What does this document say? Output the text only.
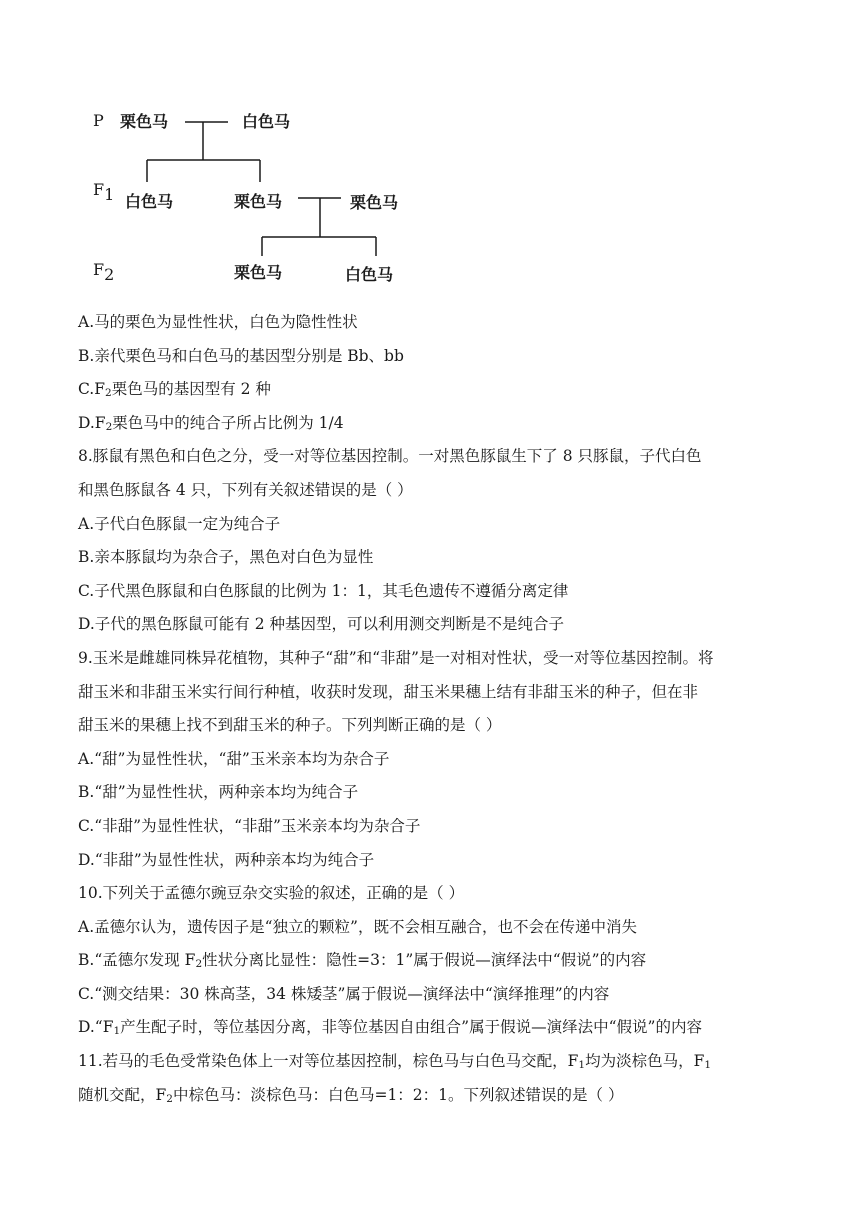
P
F1
F2
栗色马	白色马
白色马	栗色马	栗色马
栗色马	白色马
A.马的栗色为显性性状，白色为隐性性状
B.亲代栗色马和白色马的基因型分别是 Bb、bb
$C.F_2$栗色马的基因型有 2 种
$D.F_2$栗色马中的纯合子所占比例为 1/4
8.豚鼠有黑色和白色之分，受一对等位基因控制。一对黑色豚鼠生下了 8 只豚鼠，子代白色
和黑色豚鼠各 4 只，下列有关叙述错误的是（ ）
A.子代白色豚鼠一定为纯合子
B.亲本豚鼠均为杂合子，黑色对白色为显性
C.子代黑色豚鼠和白色豚鼠的比例为 1：1，其毛色遗传不遵循分离定律
D.子代的黑色豚鼠可能有 2 种基因型，可以利用测交判断是不是纯合子
9.玉米是雌雄同株异花植物，其种子“甜”和“非甜”是一对相对性状，受一对等位基因控制。将
甜玉米和非甜玉米实行间行种植，收获时发现，甜玉米果穗上结有非甜玉米的种子，但在非
甜玉米的果穗上找不到甜玉米的种子。下列判断正确的是（ ）
A.“甜”为显性性状，“甜”玉米亲本均为杂合子
B.“甜”为显性性状，两种亲本均为纯合子
C.“非甜”为显性性状，“非甜”玉米亲本均为杂合子
D.“非甜”为显性性状，两种亲本均为纯合子
10.下列关于孟德尔豌豆杂交实验的叙述，正确的是（ ）
A.孟德尔认为，遗传因子是“独立的颗粒”，既不会相互融合，也不会在传递中消失
B.“孟德尔发现 $F_2$性状分离比显性：隐性=3：1”属于假说—演绎法中“假说”的内容
C.“测交结果：30 株高茎，34 株矮茎”属于假说—演绎法中“演绎推理”的内容
$D.“F_1$产生配子时，等位基因分离，非等位基因自由组合”属于假说—演绎法中“假说”的内容
11.若马的毛色受常染色体上一对等位基因控制，棕色马与白色马交配，$F_1$均为淡棕色马，$F_1$
随机交配，$F_2$中棕色马：淡棕色马：白色马=1：2：1。下列叙述错误的是（ ）
